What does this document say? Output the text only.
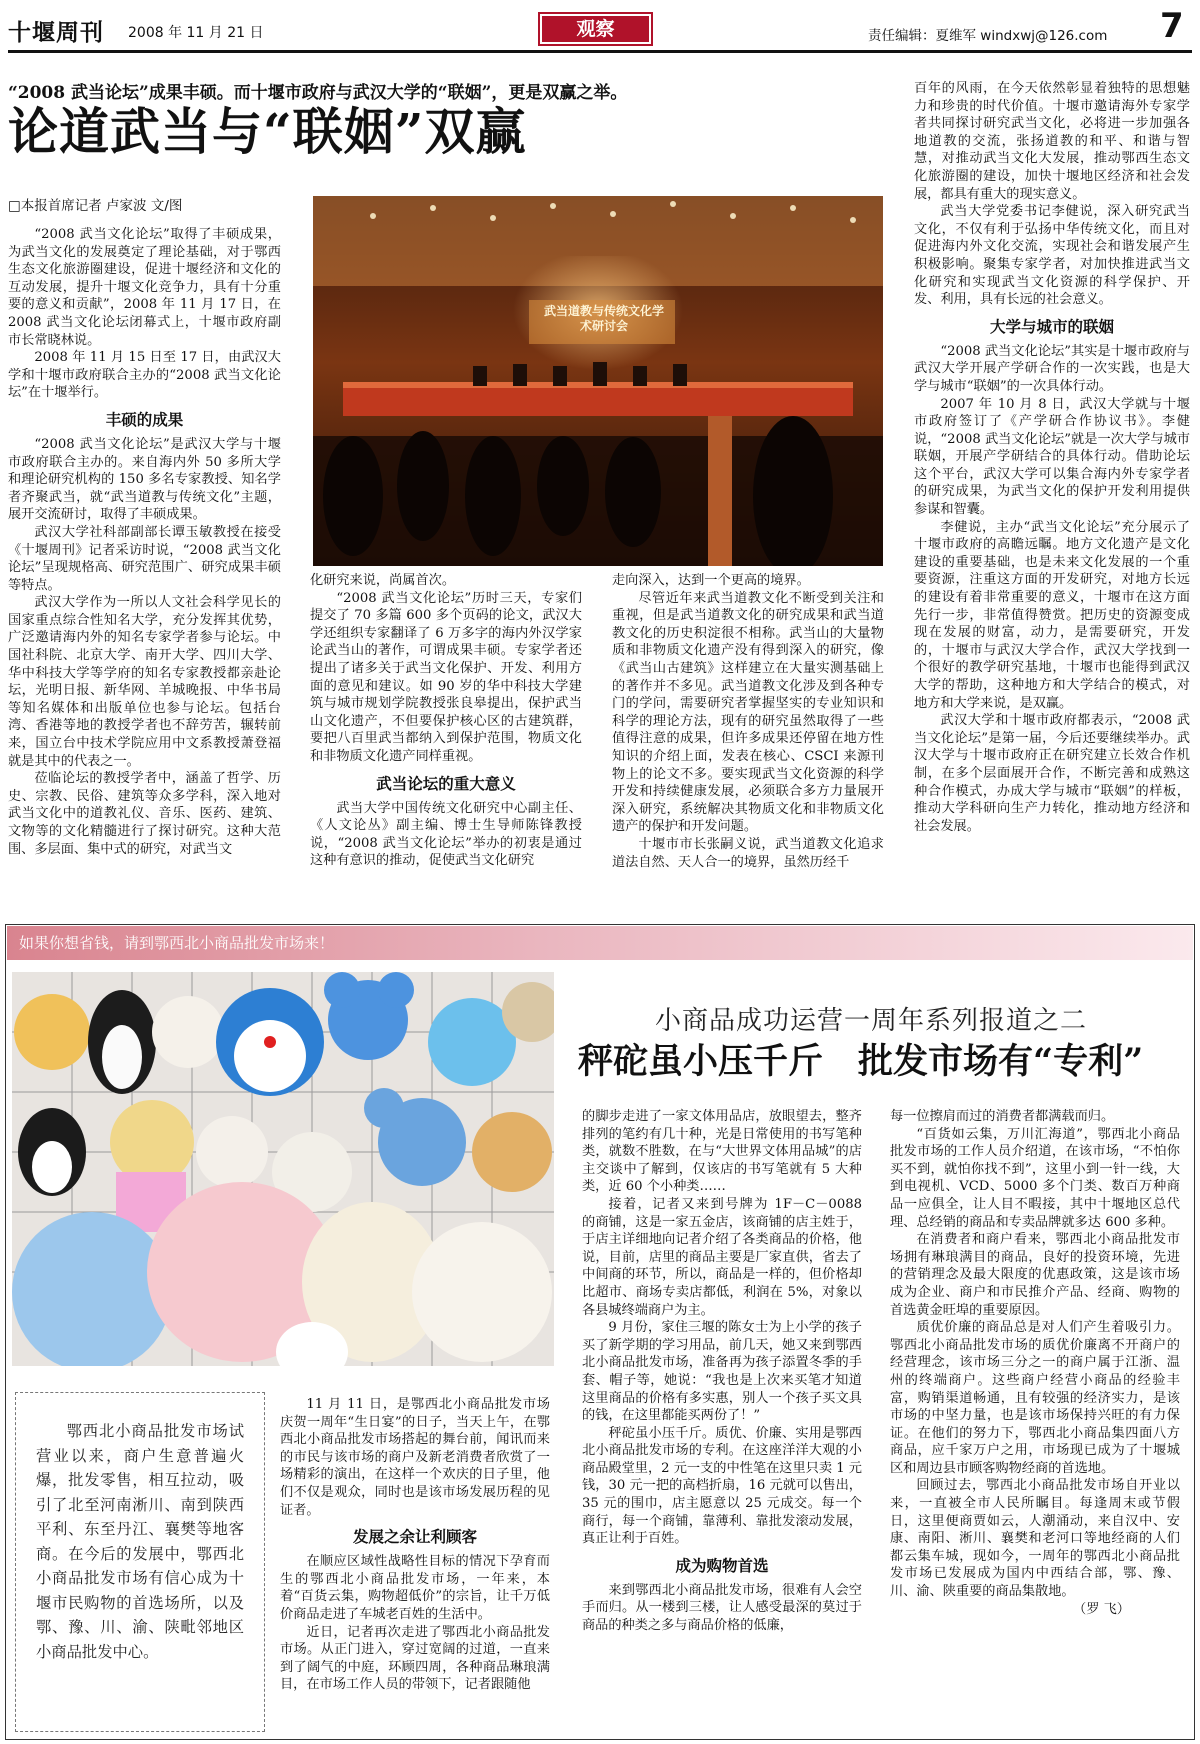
十堰周刊 2008 年 11 月 21 日	观察	责任编辑：夏维军 windxwj@126.com 7
“2008 武当论坛”成果丰硕。而十堰市政府与武汉大学的“联姻”，更是双赢之举。
论道武当与“联姻”双赢
□本报首席记者 卢家波 文/图
武当道教与传统文化学术研讨会

“2008 武当文化论坛”取得了丰硕成果，为武当文化的发展奠定了理论基础，对于鄂西生态文化旅游圈建设，促进十堰经济和文化的互动发展，提升十堰文化竞争力，具有十分重要的意义和贡献”，2008 年 11 月 17 日，在 2008 武当文化论坛闭幕式上，十堰市政府副市长常晓林说。

2008 年 11 月 15 日至 17 日，由武汉大学和十堰市政府联合主办的“2008 武当文化论坛”在十堰举行。

丰硕的成果

“2008 武当文化论坛”是武汉大学与十堰市政府联合主办的。来自海内外 50 多所大学和理论研究机构的 150 多名专家教授、知名学者齐聚武当，就“武当道教与传统文化”主题，展开交流研讨，取得了丰硕成果。

武汉大学社科部副部长谭玉敏教授在接受《十堰周刊》记者采访时说，“2008 武当文化论坛”呈现规格高、研究范围广、研究成果丰硕等特点。

武汉大学作为一所以人文社会科学见长的国家重点综合性知名大学，充分发挥其优势，广泛邀请海内外的知名专家学者参与论坛。中国社科院、北京大学、南开大学、四川大学、华中科技大学等学府的知名专家教授都亲赴论坛，光明日报、新华网、羊城晚报、中华书局等知名媒体和出版单位也参与论坛。包括台湾、香港等地的教授学者也不辞劳苦，辗转前来，国立台中技术学院应用中文系教授萧登福就是其中的代表之一。

莅临论坛的教授学者中，涵盖了哲学、历史、宗教、民俗、建筑等众多学科，深入地对武当文化中的道教礼仪、音乐、医药、建筑、文物等的文化精髓进行了探讨研究。这种大范围、多层面、集中式的研究，对武当文

化研究来说，尚属首次。

“2008 武当文化论坛”历时三天，专家们提交了 70 多篇 600 多个页码的论文，武汉大学还组织专家翻译了 6 万多字的海内外汉学家论武当山的著作，可谓成果丰硕。专家学者还提出了诸多关于武当文化保护、开发、利用方面的意见和建议。如 90 岁的华中科技大学建筑与城市规划学院教授张良皋提出，保护武当山文化遗产，不但要保护核心区的古建筑群，要把八百里武当都纳入到保护范围，物质文化和非物质文化遗产同样重视。

武当论坛的重大意义

武当大学中国传统文化研究中心副主任、《人文论丛》副主编、博士生导师陈锋教授说，“2008 武当文化论坛”举办的初衷是通过这种有意识的推动，促使武当文化研究

走向深入，达到一个更高的境界。

尽管近年来武当道教文化不断受到关注和重视，但是武当道教文化的研究成果和武当道教文化的历史积淀很不相称。武当山的大量物质和非物质文化遗产没有得到深入的研究，像《武当山古建筑》这样建立在大量实测基础上的著作并不多见。武当道教文化涉及到各种专门的学问，需要研究者掌握坚实的专业知识和科学的理论方法，现有的研究虽然取得了一些值得注意的成果，但许多成果还停留在地方性知识的介绍上面，发表在核心、CSCI 来源刊物上的论文不多。要实现武当文化资源的科学开发和持续健康发展，必须联合多方力量展开深入研究，系统解决其物质文化和非物质文化遗产的保护和开发问题。

十堰市市长张嗣义说，武当道教文化追求道法自然、天人合一的境界，虽然历经千

百年的风雨，在今天依然彰显着独特的思想魅力和珍贵的时代价值。十堰市邀请海外专家学者共同探讨研究武当文化，必将进一步加强各地道教的交流，张扬道教的和平、和谐与智慧，对推动武当文化大发展，推动鄂西生态文化旅游圈的建设，加快十堰地区经济和社会发展，都具有重大的现实意义。

武当大学党委书记李健说，深入研究武当文化，不仅有利于弘扬中华传统文化，而且对促进海内外文化交流，实现社会和谐发展产生积极影响。聚集专家学者，对加快推进武当文化研究和实现武当文化资源的科学保护、开发、利用，具有长远的社会意义。

大学与城市的联姻

“2008 武当文化论坛”其实是十堰市政府与武汉大学开展产学研合作的一次实践，也是大学与城市“联姻”的一次具体行动。

2007 年 10 月 8 日，武汉大学就与十堰市政府签订了《产学研合作协议书》。李健说，“2008 武当文化论坛”就是一次大学与城市联姻，开展产学研结合的具体行动。借助论坛这个平台，武汉大学可以集合海内外专家学者的研究成果，为武当文化的保护开发利用提供参谋和智囊。

李健说，主办“武当文化论坛”充分展示了十堰市政府的高瞻远瞩。地方文化遗产是文化建设的重要基础，也是未来文化发展的一个重要资源，注重这方面的开发研究，对地方长远的建设有着非常重要的意义，十堰市在这方面先行一步，非常值得赞赏。把历史的资源变成现在发展的财富，动力，是需要研究，开发的，十堰市与武汉大学合作，武汉大学找到一个很好的教学研究基地，十堰市也能得到武汉大学的帮助，这种地方和大学结合的模式，对地方和大学来说，是双赢。

武汉大学和十堰市政府都表示，“2008 武当文化论坛”是第一届，今后还要继续举办。武汉大学与十堰市政府正在研究建立长效合作机制，在多个层面展开合作，不断完善和成熟这种合作模式，办成大学与城市“联姻”的样板，推动大学科研向生产力转化，推动地方经济和社会发展。

如果你想省钱，请到鄂西北小商品批发市场来！
小商品成功运营一周年系列报道之二
秤砣虽小压千斤　批发市场有“专利”
鄂西北小商品批发市场试营业以来，商户生意普遍火爆，批发零售，相互拉动，吸引了北至河南淅川、南到陕西平利、东至丹江、襄樊等地客商。在今后的发展中，鄂西北小商品批发市场有信心成为十堰市民购物的首选场所，以及鄂、豫、川、渝、陕毗邻地区小商品批发中心。

11 月 11 日，是鄂西北小商品批发市场庆贺一周年“生日宴”的日子，当天上午，在鄂西北小商品批发市场搭起的舞台前，闻讯而来的市民与该市场的商户及新老消费者欣赏了一场精彩的演出，在这样一个欢庆的日子里，他们不仅是观众，同时也是该市场发展历程的见证者。

发展之余让利顾客

在顺应区域性战略性目标的情况下孕育而生的鄂西北小商品批发市场，一年来，本着“百货云集，购物超低价”的宗旨，让千万低价商品走进了车城老百姓的生活中。

近日，记者再次走进了鄂西北小商品批发市场。从正门进入，穿过宽阔的过道，一直来到了阔气的中庭，环顾四周，各种商品琳琅满目，在市场工作人员的带领下，记者跟随他

的脚步走进了一家文体用品店，放眼望去，整齐排列的笔约有几十种，光是日常使用的书写笔种类，就数不胜数，在与“大世界文体用品城”的店主交谈中了解到，仅该店的书写笔就有 5 大种类，近 60 个小种类……

接着，记者又来到号牌为 1F－C－0088 的商铺，这是一家五金店，该商铺的店主姓于，于店主详细地向记者介绍了各类商品的价格，他说，目前，店里的商品主要是厂家直供，省去了中间商的环节，所以，商品是一样的，但价格却比超市、商场专卖店都低，利润在 5%，对象以各县城终端商户为主。

9 月份，家住三堰的陈女士为上小学的孩子买了新学期的学习用品，前几天，她又来到鄂西北小商品批发市场，准备再为孩子添置冬季的手套、帽子等，她说：“我也是上次来买笔才知道这里商品的价格有多实惠，别人一个孩子买文具的钱，在这里都能买两份了！”

秤砣虽小压千斤。质优、价廉、实用是鄂西北小商品批发市场的专利。在这座洋洋大观的小商品殿堂里，2 元一支的中性笔在这里只卖 1 元钱，30 元一把的高档折扇，16 元就可以售出，35 元的围巾，店主愿意以 25 元成交。每一个商行，每一个商铺，靠薄利、靠批发滚动发展，真正让利于百姓。

成为购物首选

来到鄂西北小商品批发市场，很难有人会空手而归。从一楼到三楼，让人感受最深的莫过于商品的种类之多与商品价格的低廉，

每一位擦肩而过的消费者都满载而归。

“百货如云集，万川汇海道”，鄂西北小商品批发市场的工作人员介绍道，在该市场，“不怕你买不到，就怕你找不到”，这里小到一针一线，大到电视机、VCD、5000 多个门类、数百万种商品一应俱全，让人目不暇接，其中十堰地区总代理、总经销的商品和专卖品牌就多达 600 多种。

在消费者和商户看来，鄂西北小商品批发市场拥有琳琅满目的商品，良好的投资环境，先进的营销理念及最大限度的优惠政策，这是该市场成为企业、商户和市民推介产品、经商、购物的首选黄金旺埠的重要原因。

质优价廉的商品总是对人们产生着吸引力。鄂西北小商品批发市场的质优价廉离不开商户的经营理念，该市场三分之一的商户属于江浙、温州的终端商户。这些商户经营小商品的经验丰富，购销渠道畅通，且有较强的经济实力，是该市场的中坚力量，也是该市场保持兴旺的有力保证。在他们的努力下，鄂西北小商品集四面八方商品，应千家万户之用，市场现已成为了十堰城区和周边县市顾客购物经商的首选地。

回顾过去，鄂西北小商品批发市场自开业以来，一直被全市人民所瞩目。每逢周末或节假日，这里便商贾如云，人潮涌动，来自汉中、安康、南阳、淅川、襄樊和老河口等地经商的人们都云集车城，现如今，一周年的鄂西北小商品批发市场已发展成为国内中西结合部，鄂、豫、川、渝、陕重要的商品集散地。

（罗 飞）
